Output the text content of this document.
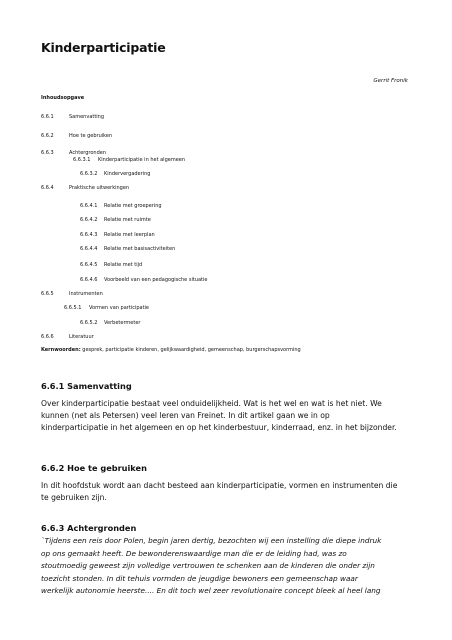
Kinderparticipatie
Gerrit Fronik
Inhoudsopgave
6.6.1	Samenvatting
6.6.2	Hoe te gebruiken
6.6.3	Achtergronden
6.6.3.1 Kinderparticipatie in het algemeen
6.6.3.2 Kindervergadering
6.6.4	Praktische uitwerkingen
6.6.4.1 Relatie met groepering
6.6.4.2 Relatie met ruimte
6.6.4.3 Relatie met leerplan
6.6.4.4 Relatie met basisactiviteiten
6.6.4.5 Relatie met tijd
6.6.4.6 Voorbeeld van een pedagogische situatie
6.6.5	Instrumenten
6.6.5.1 Vormen van participatie
6.6.5.2 Verbetermeter
6.6.6	Literatuur
Kernwoorden: gesprek, participatie kinderen, gelijkwaardigheid, gemeenschap, burgerschapsvorming
6.6.1 Samenvatting
Over kinderparticipatie bestaat veel onduidelijkheid. Wat is het wel en wat is het niet. We
kunnen (net als Petersen) veel leren van Freinet. In dit artikel gaan we in op
kinderparticipatie in het algemeen en op het kinderbestuur, kinderraad, enz. in het bijzonder.
6.6.2 Hoe te gebruiken
In dit hoofdstuk wordt aan dacht besteed aan kinderparticipatie, vormen en instrumenten die
te gebruiken zijn.
6.6.3 Achtergronden
`Tijdens een reis door Polen, begin jaren dertig, bezochten wij een instelling die diepe indruk
op ons gemaakt heeft. De bewonderenswaardige man die er de leiding had, was zo
stoutmoedig geweest zijn volledige vertrouwen te schenken aan de kinderen die onder zijn
toezicht stonden. In dit tehuis vormden de jeugdige bewoners een gemeenschap waar
werkelijk autonomie heerste.... En dit toch wel zeer revolutionaire concept bleek al heel lang
